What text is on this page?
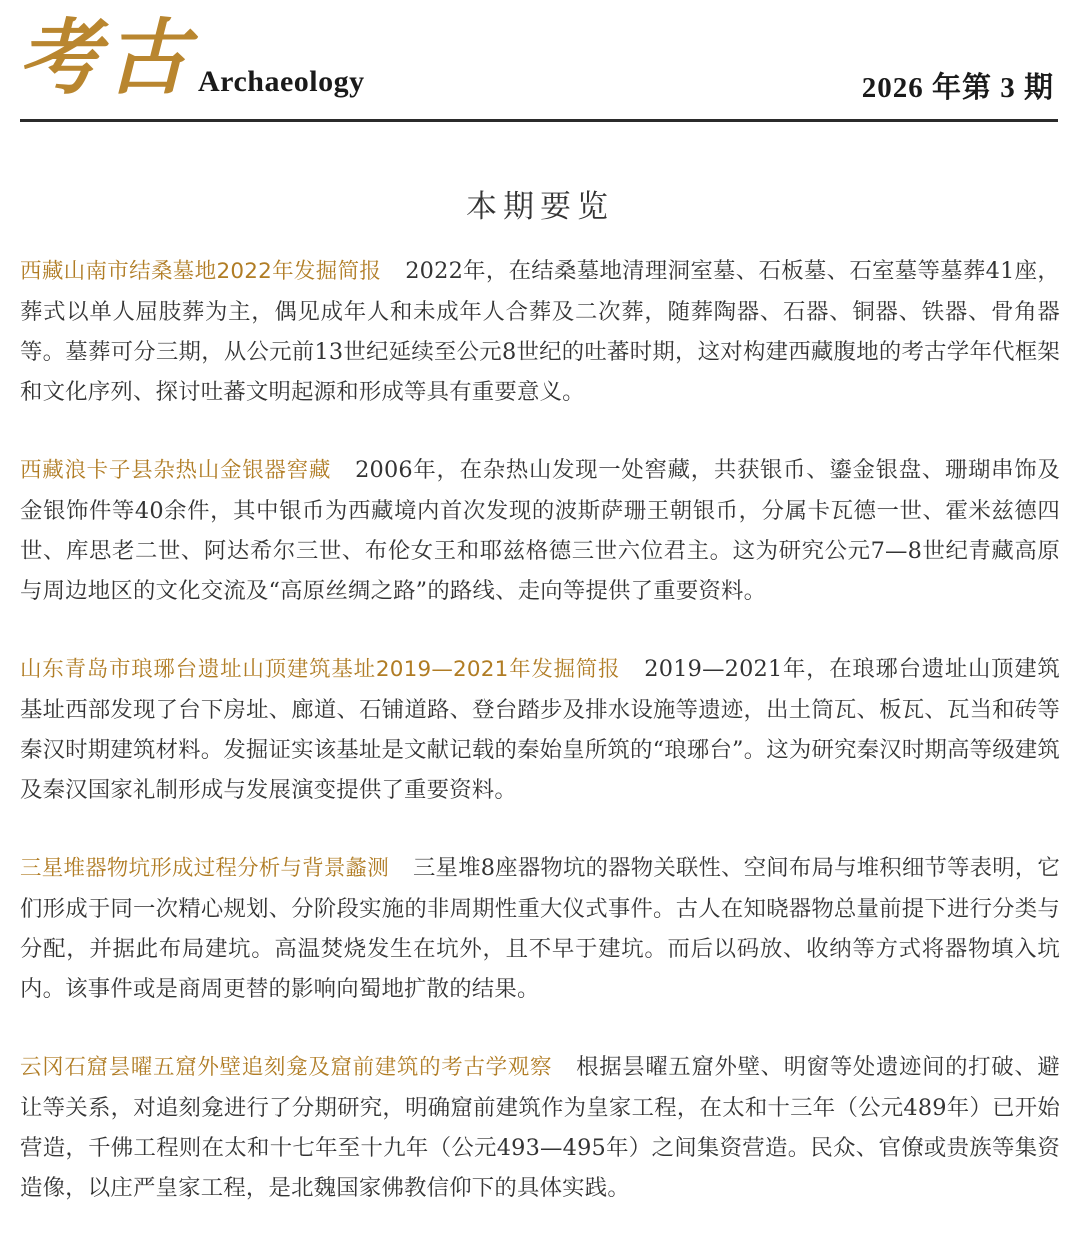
考古 Archaeology	2026 年第 3 期
本期要览

西藏山南市结桑墓地2022年发掘简报 2022年，在结桑墓地清理洞室墓、石板墓、石室墓等墓葬41座，葬式以单人屈肢葬为主，偶见成年人和未成年人合葬及二次葬，随葬陶器、石器、铜器、铁器、骨角器等。墓葬可分三期，从公元前13世纪延续至公元8世纪的吐蕃时期，这对构建西藏腹地的考古学年代框架和文化序列、探讨吐蕃文明起源和形成等具有重要意义。

西藏浪卡子县杂热山金银器窖藏 2006年，在杂热山发现一处窖藏，共获银币、鎏金银盘、珊瑚串饰及金银饰件等40余件，其中银币为西藏境内首次发现的波斯萨珊王朝银币，分属卡瓦德一世、霍米兹德四世、库思老二世、阿达希尔三世、布伦女王和耶兹格德三世六位君主。这为研究公元7—8世纪青藏高原与周边地区的文化交流及“高原丝绸之路”的路线、走向等提供了重要资料。

山东青岛市琅琊台遗址山顶建筑基址2019—2021年发掘简报 2019—2021年，在琅琊台遗址山顶建筑基址西部发现了台下房址、廊道、石铺道路、登台踏步及排水设施等遗迹，出土筒瓦、板瓦、瓦当和砖等秦汉时期建筑材料。发掘证实该基址是文献记载的秦始皇所筑的“琅琊台”。这为研究秦汉时期高等级建筑及秦汉国家礼制形成与发展演变提供了重要资料。

三星堆器物坑形成过程分析与背景蠡测 三星堆8座器物坑的器物关联性、空间布局与堆积细节等表明，它们形成于同一次精心规划、分阶段实施的非周期性重大仪式事件。古人在知晓器物总量前提下进行分类与分配，并据此布局建坑。高温焚烧发生在坑外，且不早于建坑。而后以码放、收纳等方式将器物填入坑内。该事件或是商周更替的影响向蜀地扩散的结果。

云冈石窟昙曜五窟外壁追刻龛及窟前建筑的考古学观察 根据昙曜五窟外壁、明窗等处遗迹间的打破、避让等关系，对追刻龛进行了分期研究，明确窟前建筑作为皇家工程，在太和十三年（公元489年）已开始营造，千佛工程则在太和十七年至十九年（公元493—495年）之间集资营造。民众、官僚或贵族等集资造像，以庄严皇家工程，是北魏国家佛教信仰下的具体实践。
